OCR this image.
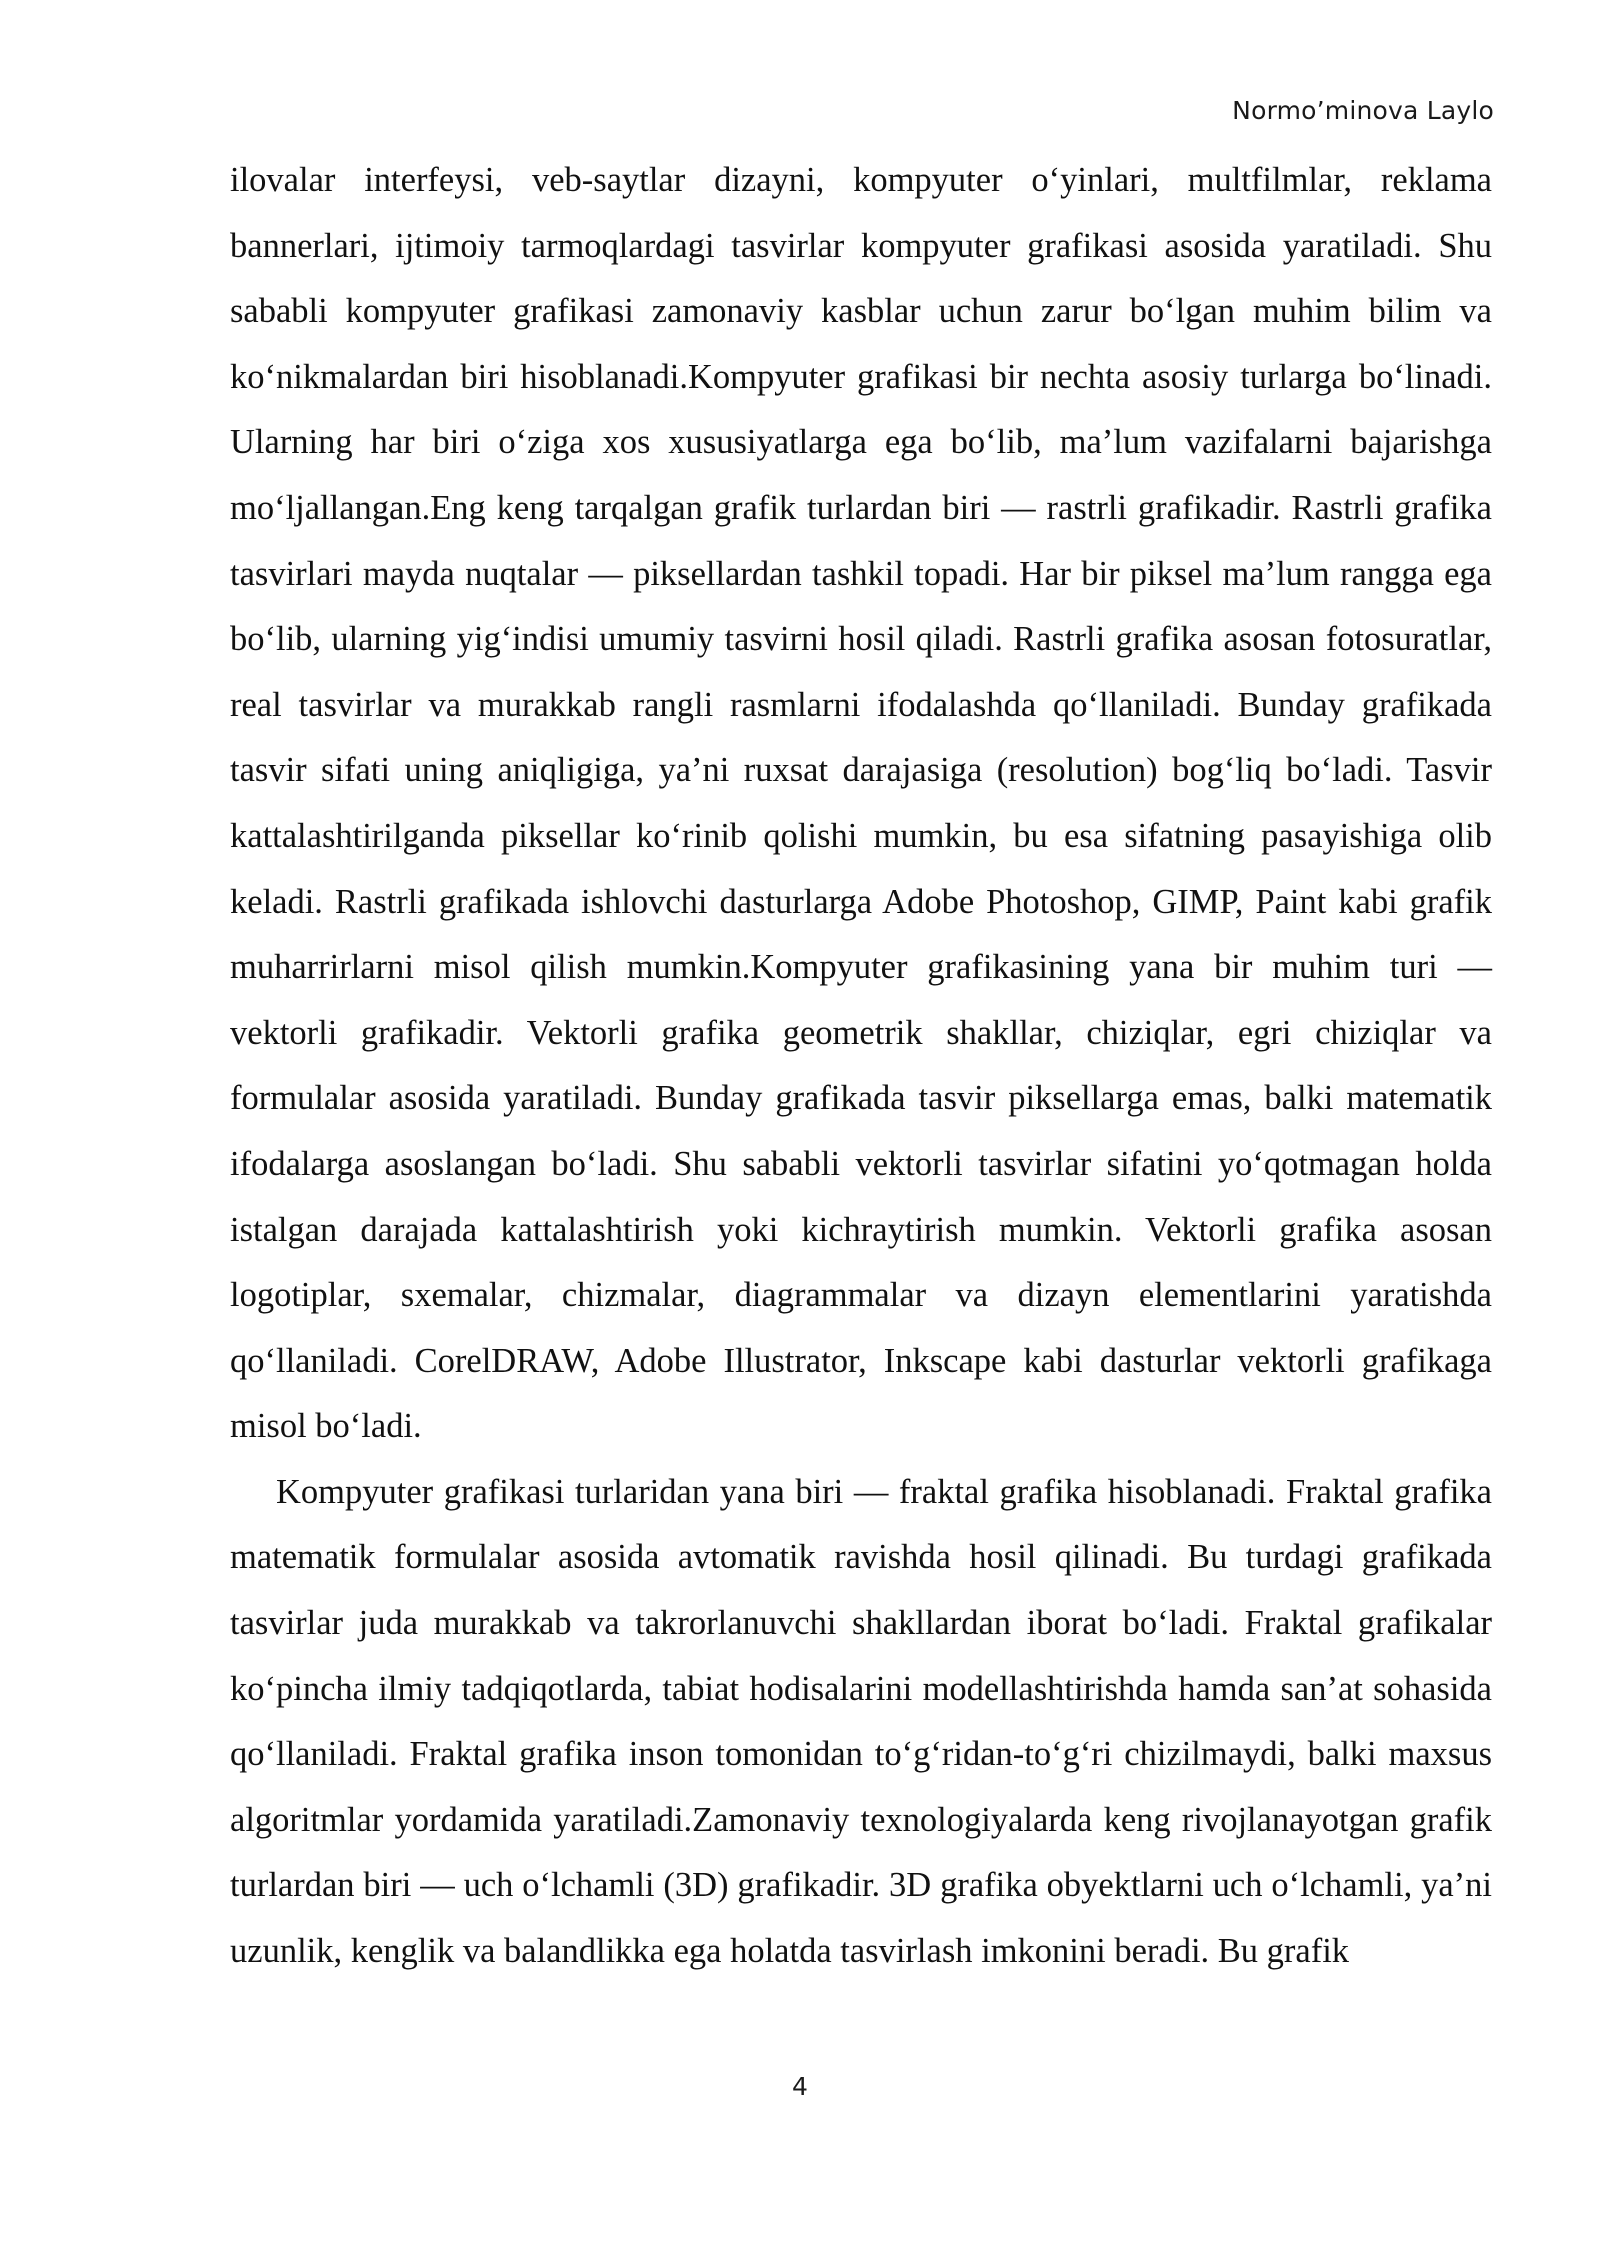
Normo’minova Laylo

ilovalar interfeysi, veb-saytlar dizayni, kompyuter o‘yinlari, multfilmlar, reklama bannerlari, ijtimoiy tarmoqlardagi tasvirlar kompyuter grafikasi asosida yaratiladi. Shu sababli kompyuter grafikasi zamonaviy kasblar uchun zarur bo‘lgan muhim bilim va ko‘nikmalardan biri hisoblanadi.Kompyuter grafikasi bir nechta asosiy turlarga bo‘linadi. Ularning har biri o‘ziga xos xususiyatlarga ega bo‘lib, ma’lum vazifalarni bajarishga mo‘ljallangan.Eng keng tarqalgan grafik turlardan biri — rastrli grafikadir. Rastrli grafika tasvirlari mayda nuqtalar — piksellardan tashkil topadi. Har bir piksel ma’lum rangga ega bo‘lib, ularning yig‘indisi umumiy tasvirni hosil qiladi. Rastrli grafika asosan fotosuratlar, real tasvirlar va murakkab rangli rasmlarni ifodalashda qo‘llaniladi. Bunday grafikada tasvir sifati uning aniqligiga, ya’ni ruxsat darajasiga (resolution) bog‘liq bo‘ladi. Tasvir kattalashtirilganda piksellar ko‘rinib qolishi mumkin, bu esa sifatning pasayishiga olib keladi. Rastrli grafikada ishlovchi dasturlarga Adobe Photoshop, GIMP, Paint kabi grafik muharrirlarni misol qilish mumkin.Kompyuter grafikasining yana bir muhim turi — vektorli grafikadir. Vektorli grafika geometrik shakllar, chiziqlar, egri chiziqlar va formulalar asosida yaratiladi. Bunday grafikada tasvir piksellarga emas, balki matematik ifodalarga asoslangan bo‘ladi. Shu sababli vektorli tasvirlar sifatini yo‘qotmagan holda istalgan darajada kattalashtirish yoki kichraytirish mumkin. Vektorli grafika asosan logotiplar, sxemalar, chizmalar, diagrammalar va dizayn elementlarini yaratishda qo‘llaniladi. CorelDRAW, Adobe Illustrator, Inkscape kabi dasturlar vektorli grafikaga misol bo‘ladi.

Kompyuter grafikasi turlaridan yana biri — fraktal grafika hisoblanadi. Fraktal grafika matematik formulalar asosida avtomatik ravishda hosil qilinadi. Bu turdagi grafikada tasvirlar juda murakkab va takrorlanuvchi shakllardan iborat bo‘ladi. Fraktal grafikalar ko‘pincha ilmiy tadqiqotlarda, tabiat hodisalarini modellashtirishda hamda san’at sohasida qo‘llaniladi. Fraktal grafika inson tomonidan to‘g‘ridan-to‘g‘ri chizilmaydi, balki maxsus algoritmlar yordamida yaratiladi.Zamonaviy texnologiyalarda keng rivojlanayotgan grafik turlardan biri — uch o‘lchamli (3D) grafikadir. 3D grafika obyektlarni uch o‘lchamli, ya’ni uzunlik, kenglik va balandlikka ega holatda tasvirlash imkonini beradi. Bu grafik

4
